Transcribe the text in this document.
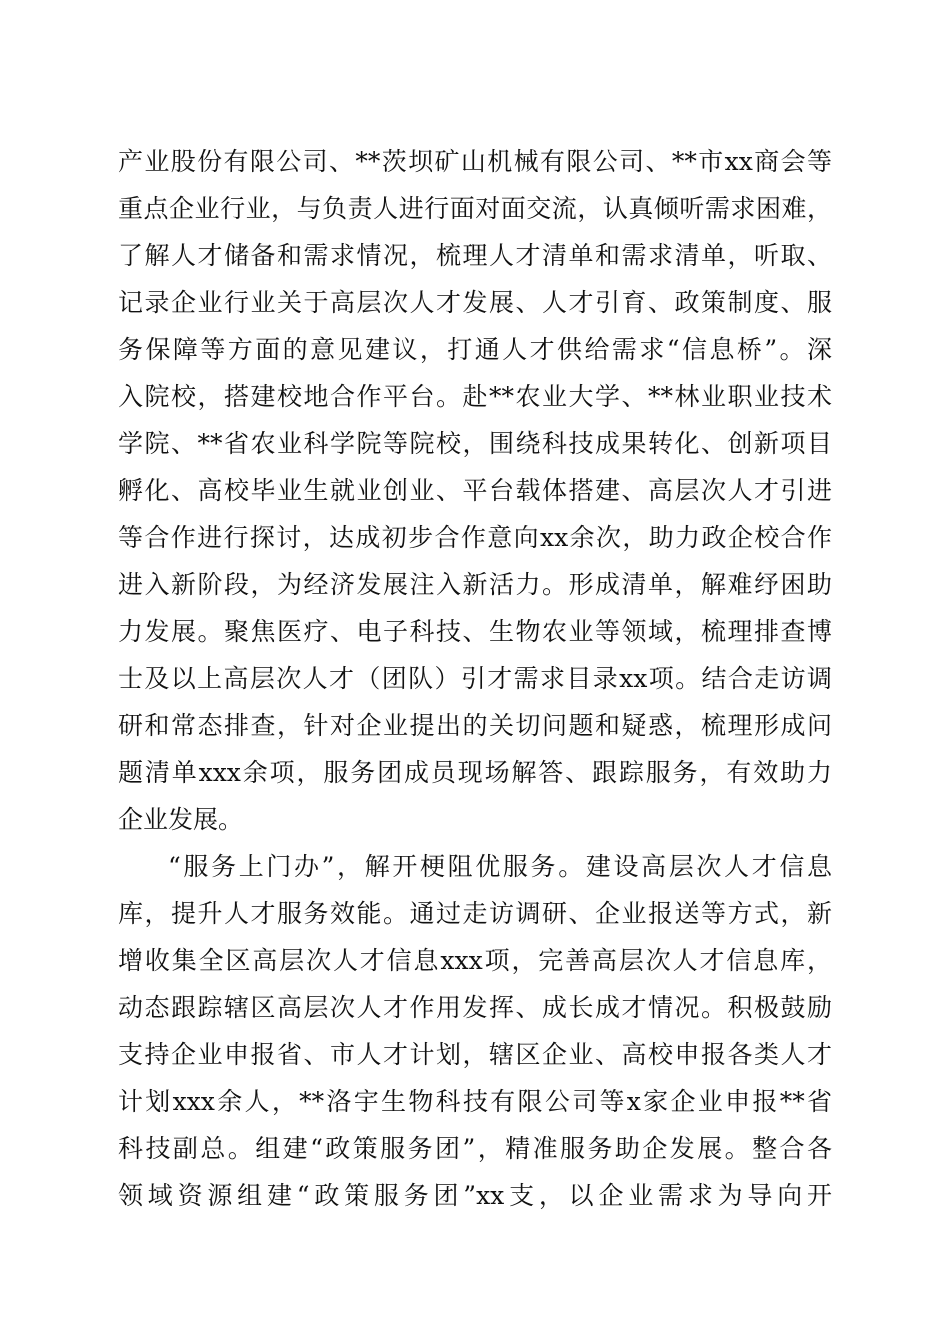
产业股份有限公司、**茨坝矿山机械有限公司、**市xx商会等
重点企业行业，与负责人进行面对面交流，认真倾听需求困难，
了解人才储备和需求情况，梳理人才清单和需求清单，听取、
记录企业行业关于高层次人才发展、人才引育、政策制度、服
务保障等方面的意见建议，打通人才供给需求“信息桥”。深
入院校，搭建校地合作平台。赴**农业大学、**林业职业技术
学院、**省农业科学院等院校，围绕科技成果转化、创新项目
孵化、高校毕业生就业创业、平台载体搭建、高层次人才引进
等合作进行探讨，达成初步合作意向xx余次，助力政企校合作
进入新阶段，为经济发展注入新活力。形成清单，解难纾困助
力发展。聚焦医疗、电子科技、生物农业等领域，梳理排查博
士及以上高层次人才（团队）引才需求目录xx项。结合走访调
研和常态排查，针对企业提出的关切问题和疑惑，梳理形成问
题清单xxx余项，服务团成员现场解答、跟踪服务，有效助力
企业发展。
“服务上门办”，解开梗阻优服务。建设高层次人才信息
库，提升人才服务效能。通过走访调研、企业报送等方式，新
增收集全区高层次人才信息xxx项，完善高层次人才信息库，
动态跟踪辖区高层次人才作用发挥、成长成才情况。积极鼓励
支持企业申报省、市人才计划，辖区企业、高校申报各类人才
计划xxx余人，**洛宇生物科技有限公司等x家企业申报**省
科技副总。组建“政策服务团”，精准服务助企发展。整合各
领域资源组建“政策服务团”xx支，以企业需求为导向开
